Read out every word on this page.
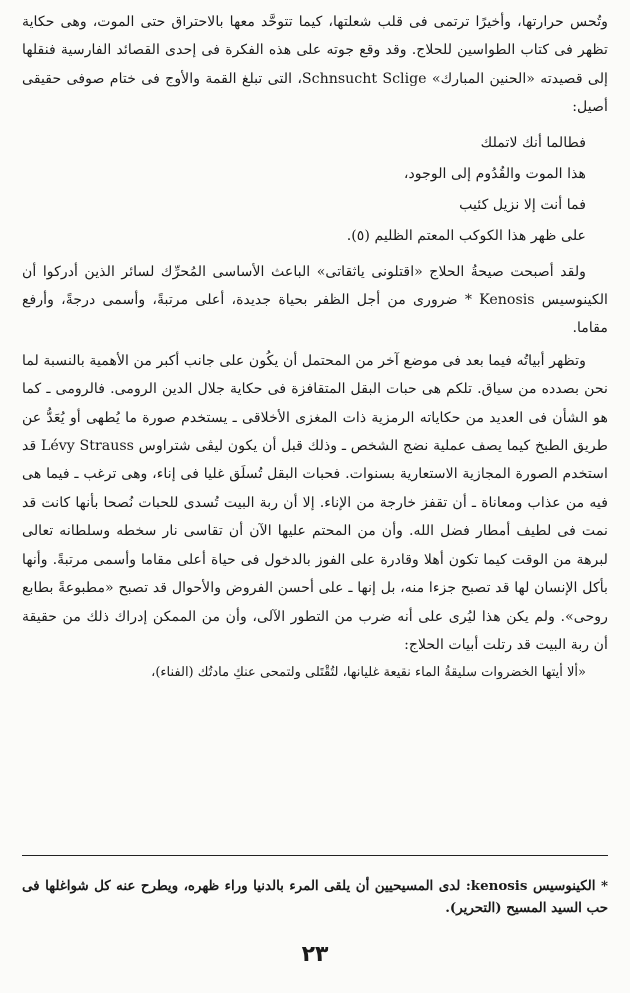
وتُحس حرارتها، وأخيرًا ترتمى فى قلب شعلتها، كيما تتوحَّد معها بالاحتراق حتى الموت، وهى حكاية تظهر فى كتاب الطواسين للحلاج. وقد وقع جوته على هذه الفكرة فى إحدى القصائد الفارسية فنقلها إلى قصيدته «الحنين المبارك» Schnsucht Sclige، التى تبلغ القمة والأوج فى ختام صوفى حقيقى أصيل:

فطالما أنك لاتملك
هذا الموت والقُدُوم إلى الوجود،
فما أنت إلا نزيل كئيب
على ظهر هذا الكوكب المعتم الظليم (٥).

ولقد أصبحت صيحةُ الحلاج «اقتلونى ياثقاتى» الباعث الأساسى المُحرِّك لسائر الذين أدركوا أن الكينوسيس Kenosis * ضرورى من أجل الظفر بحياة جديدة، أعلى مرتبةً، وأسمى درجةً، وأرفع مقاما.

وتظهر أبياتُه فيما بعد فى موضع آخر من المحتمل أن يكُون على جانب أكبر من الأهمية بالنسبة لما نحن بصدده من سياق. تلكم هى حبات البقل المتقافزة فى حكاية جلال الدين الرومى. فالرومى ـ كما هو الشأن فى العديد من حكاياته الرمزية ذات المغزى الأخلاقى ـ يستخدم صورة ما يُطهى أو يُعَدُّ عن طريق الطبخ كيما يصف عملية نضج الشخص ـ وذلك قبل أن يكون ليڤى شتراوس Lévy Strauss قد استخدم الصورة المجازية الاستعارية بسنوات. فحبات البقل تُسلَق غليا فى إناء، وهى ترغب ـ فيما هى فيه من عذاب ومعاناة ـ أن تقفز خارجة من الإناء. إلا أن ربة البيت تُسدى للحبات نُصحا بأنها كانت قد نمت فى لطيف أمطار فضل الله. وأن من المحتم عليها الآن أن تقاسى نار سخطه وسلطانه تعالى لبرهة من الوقت كيما تكون أهلا وقادرة على الفوز بالدخول فى حياة أعلى مقاما وأسمى مرتبةً. وأنها بأكل الإنسان لها قد تصبح جزءا منه، بل إنها ـ على أحسن الفروض والأحوال قد تصبح «مطبوعةً بطابع روحى». ولم يكن هذا ليُرى على أنه ضرب من التطور الآلى، وأن من الممكن إدراك ذلك من حقيقة أن ربة البيت قد رتلت أبيات الحلاج:

«ألا أيتها الخضروات سليقةُ الماء نقيعة غليانها، لتُقْتَلى ولتمحى عنكِ مادتُك (الفناء)،

* الكينوسيس kenosis: لدى المسيحيين أن يلقى المرء بالدنيا وراء ظهره، ويطرح عنه كل شواغلها فى حب السيد المسيح (التحرير).

٢٣
